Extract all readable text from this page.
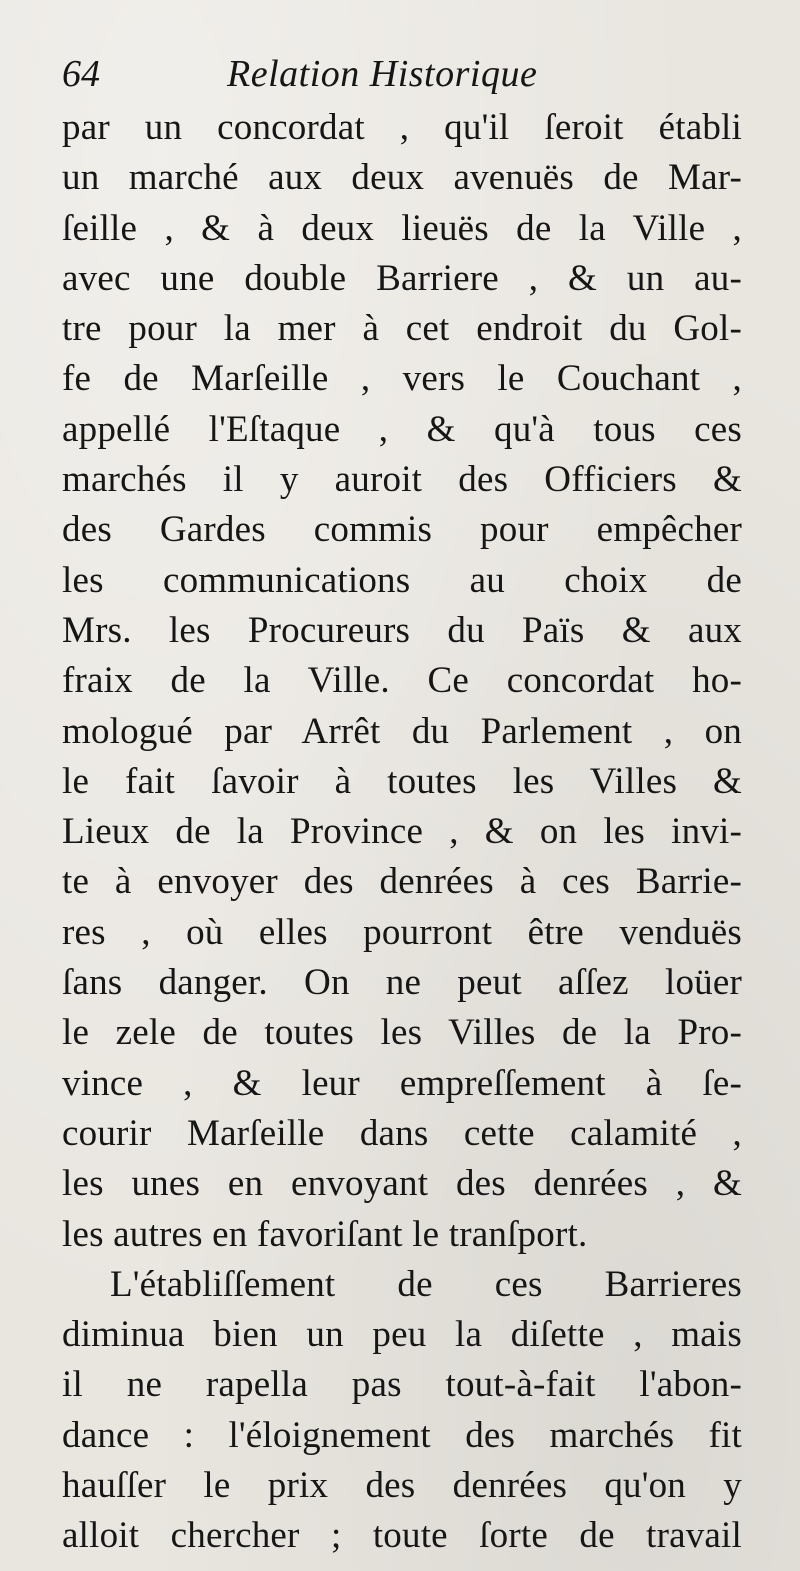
64	Relation Historique
par un concordat , qu'il ſeroit établi
un marché aux deux avenuës de Mar-
ſeille , & à deux lieuës de la Ville ,
avec une double Barriere , & un au-
tre pour la mer à cet endroit du Gol-
fe de Marſeille , vers le Couchant ,
appellé l'Eſtaque , & qu'à tous ces
marchés il y auroit des Officiers &
des Gardes commis pour empêcher
les communications au choix de
Mrs. les Procureurs du Païs & aux
fraix de la Ville. Ce concordat ho-
mologué par Arrêt du Parlement , on
le fait ſavoir à toutes les Villes &
Lieux de la Province , & on les invi-
te à envoyer des denrées à ces Barrie-
res , où elles pourront être venduës
ſans danger. On ne peut aſſez loüer
le zele de toutes les Villes de la Pro-
vince , & leur empreſſement à ſe-
courir Marſeille dans cette calamité ,
les unes en envoyant des denrées , &
les autres en favoriſant le tranſport.
L'établiſſement de ces Barrieres
diminua bien un peu la diſette , mais
il ne rapella pas tout-à-fait l'abon-
dance : l'éloignement des marchés fit
hauſſer le prix des denrées qu'on y
alloit chercher ; toute ſorte de travail
